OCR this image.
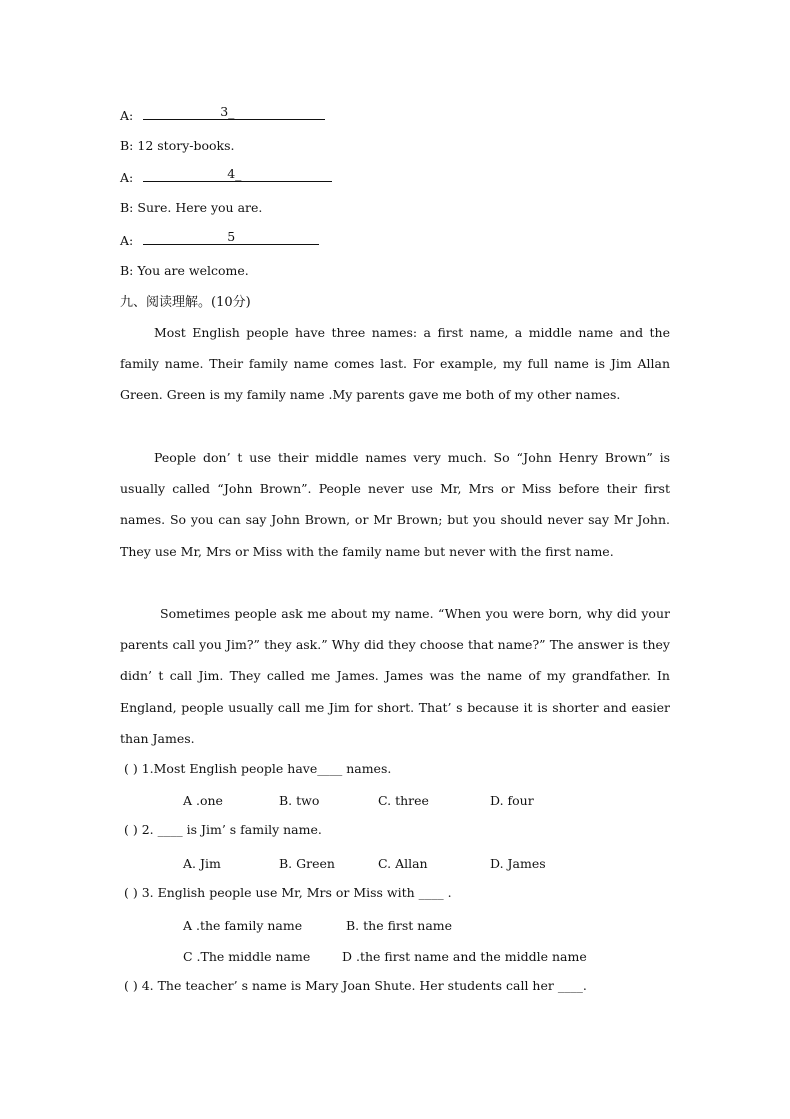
A:	3_
B: 12 story-books.
A:	4_
B: Sure. Here you are.
A:	5
B: You are welcome.
九、阅读理解。(10分)
Most English people have three names: a first name, a middle name and the family name. Their family name comes last. For example, my full name is Jim Allan Green. Green is my family name .My parents gave me both of my other names.
People don’ t use their middle names very much. So “John Henry Brown” is usually called “John Brown”. People never use Mr, Mrs or Miss before their first names. So you can say John Brown, or Mr Brown; but you should never say Mr John. They use Mr, Mrs or Miss with the family name but never with the first name.
Sometimes people ask me about my name. “When you were born, why did your parents call you Jim?” they ask.” Why did they choose that name?” The answer is they didn’ t call Jim. They called me James. James was the name of my grandfather. In England, people usually call me Jim for short. That’ s because it is shorter and easier than James.
( ) 1.Most English people have____ names.
A .one	B. two	C. three	D. four
( ) 2. ____ is Jim’ s family name.
A. Jim	B. Green	C. Allan	D. James
( ) 3. English people use Mr, Mrs or Miss with ____ .
A .the family name	B. the first name
C .The middle name	D .the first name and the middle name
( ) 4. The teacher’ s name is Mary Joan Shute. Her students call her ____.
